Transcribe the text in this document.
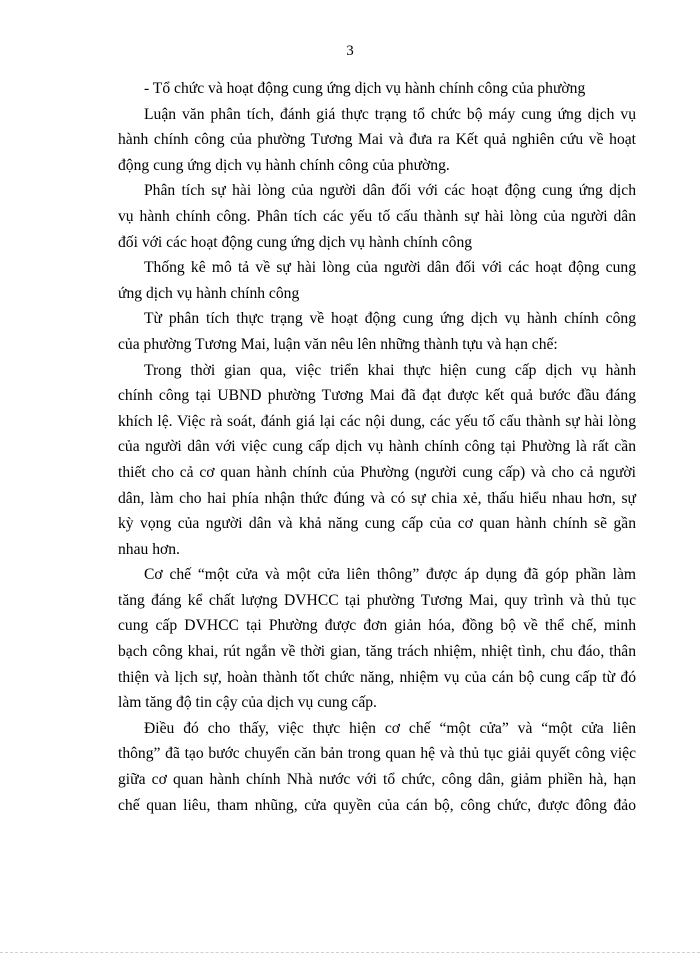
3
- Tổ chức và hoạt động cung ứng dịch vụ hành chính công của phường
Luận văn phân tích, đánh giá thực trạng tổ chức bộ máy cung ứng dịch vụ
hành chính công của phường Tương Mai và đưa ra Kết quả nghiên cứu về hoạt
động cung ứng dịch vụ hành chính công của phường.
Phân tích sự hài lòng của người dân đối với các hoạt động cung ứng dịch
vụ hành chính công. Phân tích các yếu tố cấu thành sự hài lòng của người dân
đối với các hoạt động cung ứng dịch vụ hành chính công
Thống kê mô tả về sự hài lòng của người dân đối với các hoạt động cung
ứng dịch vụ hành chính công
Từ phân tích thực trạng về hoạt động cung ứng dịch vụ hành chính công
của phường Tương Mai, luận văn nêu lên những thành tựu và hạn chế:
Trong thời gian qua, việc triển khai thực hiện cung cấp dịch vụ hành
chính công tại UBND phường Tương Mai đã đạt được kết quả bước đầu đáng
khích lệ. Việc rà soát, đánh giá lại các nội dung, các yếu tố cấu thành sự hài lòng
của người dân với việc cung cấp dịch vụ hành chính công tại Phường là rất cần
thiết cho cả cơ quan hành chính của Phường (người cung cấp) và cho cả người
dân, làm cho hai phía nhận thức đúng và có sự chia xẻ, thấu hiểu nhau hơn, sự
kỳ vọng của người dân và khả năng cung cấp của cơ quan hành chính sẽ gần
nhau hơn.
Cơ chế “một cửa và một cửa liên thông” được áp dụng đã góp phần làm
tăng đáng kể chất lượng DVHCC tại phường Tương Mai, quy trình và thủ tục
cung cấp DVHCC tại Phường được đơn giản hóa, đồng bộ về thể chế, minh
bạch công khai, rút ngắn về thời gian, tăng trách nhiệm, nhiệt tình, chu đáo, thân
thiện và lịch sự, hoàn thành tốt chức năng, nhiệm vụ của cán bộ cung cấp từ đó
làm tăng độ tin cậy của dịch vụ cung cấp.
Điều đó cho thấy, việc thực hiện cơ chế “một cửa” và “một cửa liên
thông” đã tạo bước chuyển căn bản trong quan hệ và thủ tục giải quyết công việc
giữa cơ quan hành chính Nhà nước với tổ chức, công dân, giảm phiền hà, hạn
chế quan liêu, tham nhũng, cửa quyền của cán bộ, công chức, được đông đảo
